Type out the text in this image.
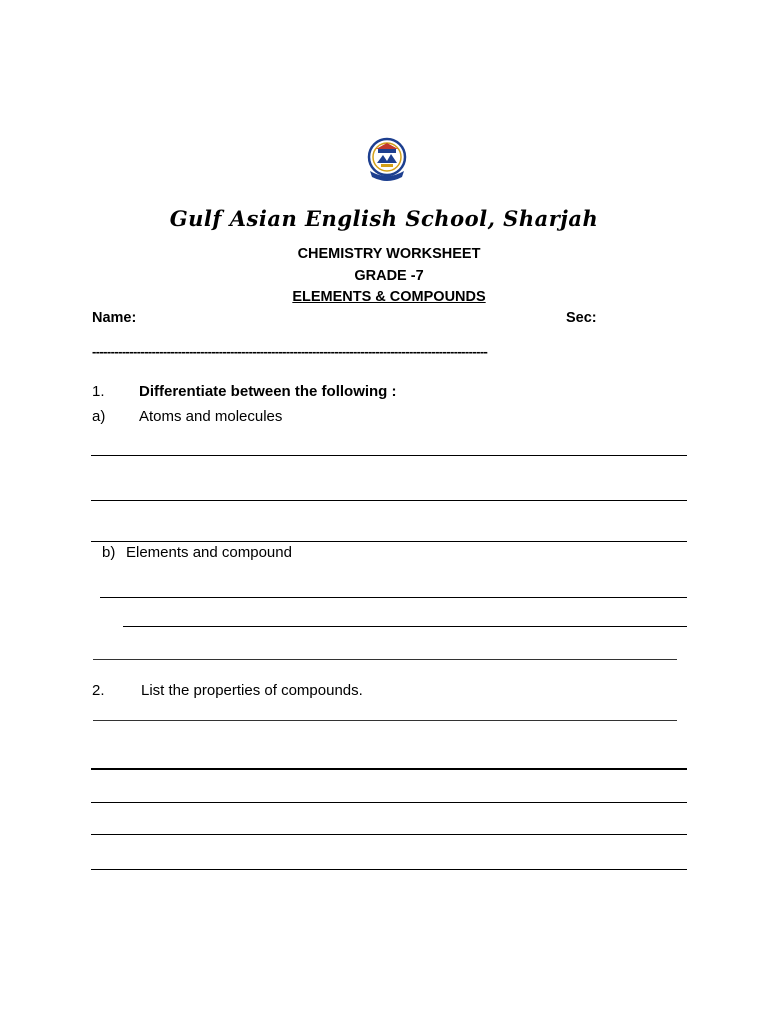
Gulf Asian English School, Sharjah
CHEMISTRY WORKSHEET
GRADE -7
ELEMENTS & COMPOUNDS
Name:	Sec:
----------------------------------------------------------------------------------------------------------
1. Differentiate between the following :
a) Atoms and molecules
b) Elements and compound
2. List the properties of compounds.
